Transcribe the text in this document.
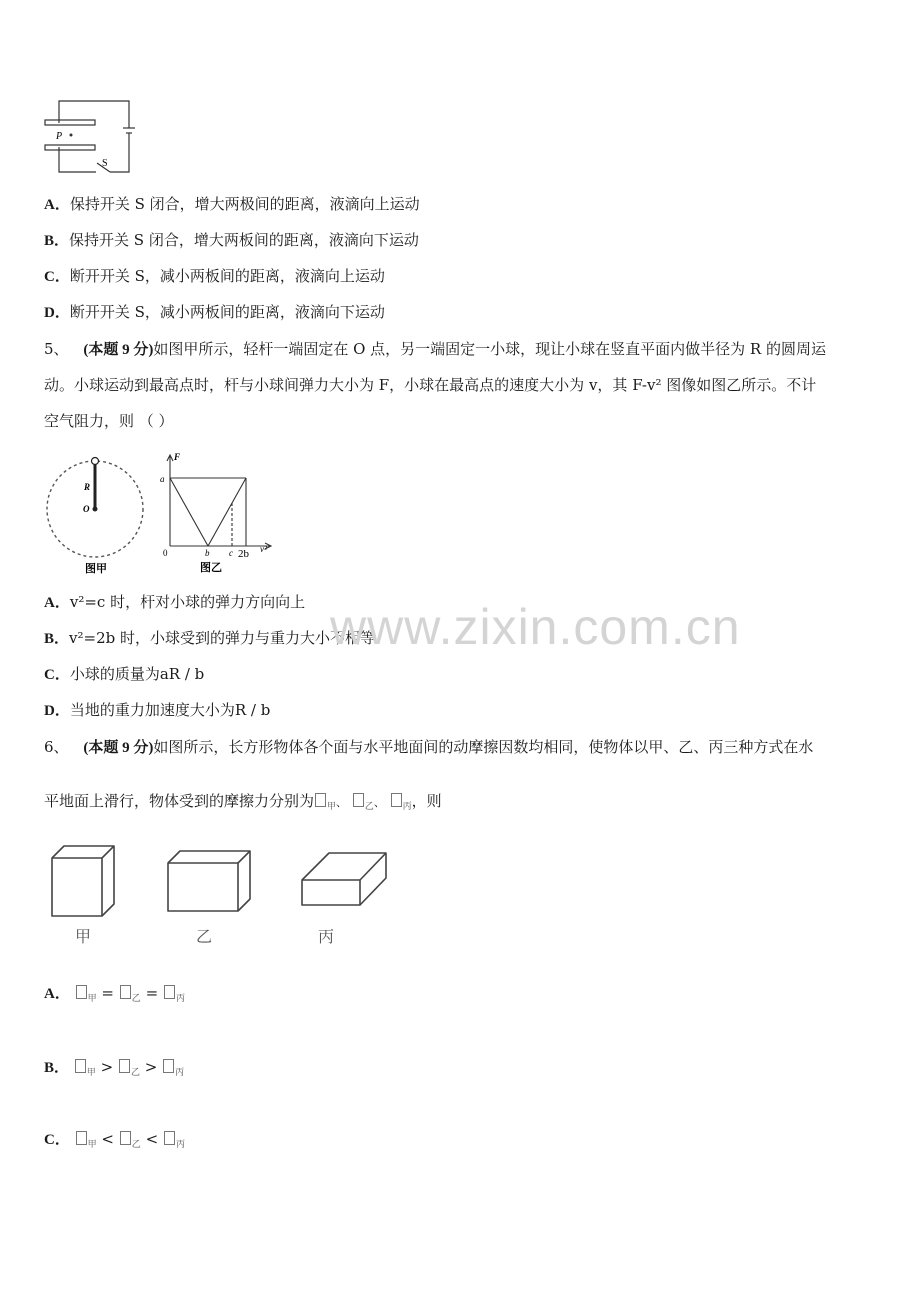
P
S
A．保持开关 S 闭合，增大两极间的距离，液滴向上运动
B．保持开关 S 闭合，增大两板间的距离，液滴向下运动
C．断开开关 S，减小两板间的距离，液滴向上运动
D．断开开关 S，减小两板间的距离，液滴向下运动
5、 (本题 9 分)如图甲所示，轻杆一端固定在 O 点，另一端固定一小球，现让小球在竖直平面内做半径为 R 的圆周运
动。小球运动到最高点时，杆与小球间弹力大小为 F，小球在最高点的速度大小为 v，其 F-v² 图像如图乙所示。不计
空气阻力，则 （ ）
R
O
图甲
F
a
0	b c 2b v²
图乙
A．v²=c 时，杆对小球的弹力方向向上
B．v²=2b 时，小球受到的弹力与重力大小不相等
C．小球的质量为aR / b
D．当地的重力加速度大小为R / b
www.zixin.com.cn
6、 (本题 9 分)如图所示，长方形物体各个面与水平地面间的动摩擦因数均相同，使物体以甲、乙、丙三种方式在水
平地面上滑行，物体受到的摩擦力分别为 $_甲$、 $_乙$、 $_丙$，则
甲	乙	丙
A． $_甲$ = $_乙$ = $_丙$
B． $_甲$ > $_乙$ > $_丙$
C． $_甲$ < $_乙$ < $_丙$
